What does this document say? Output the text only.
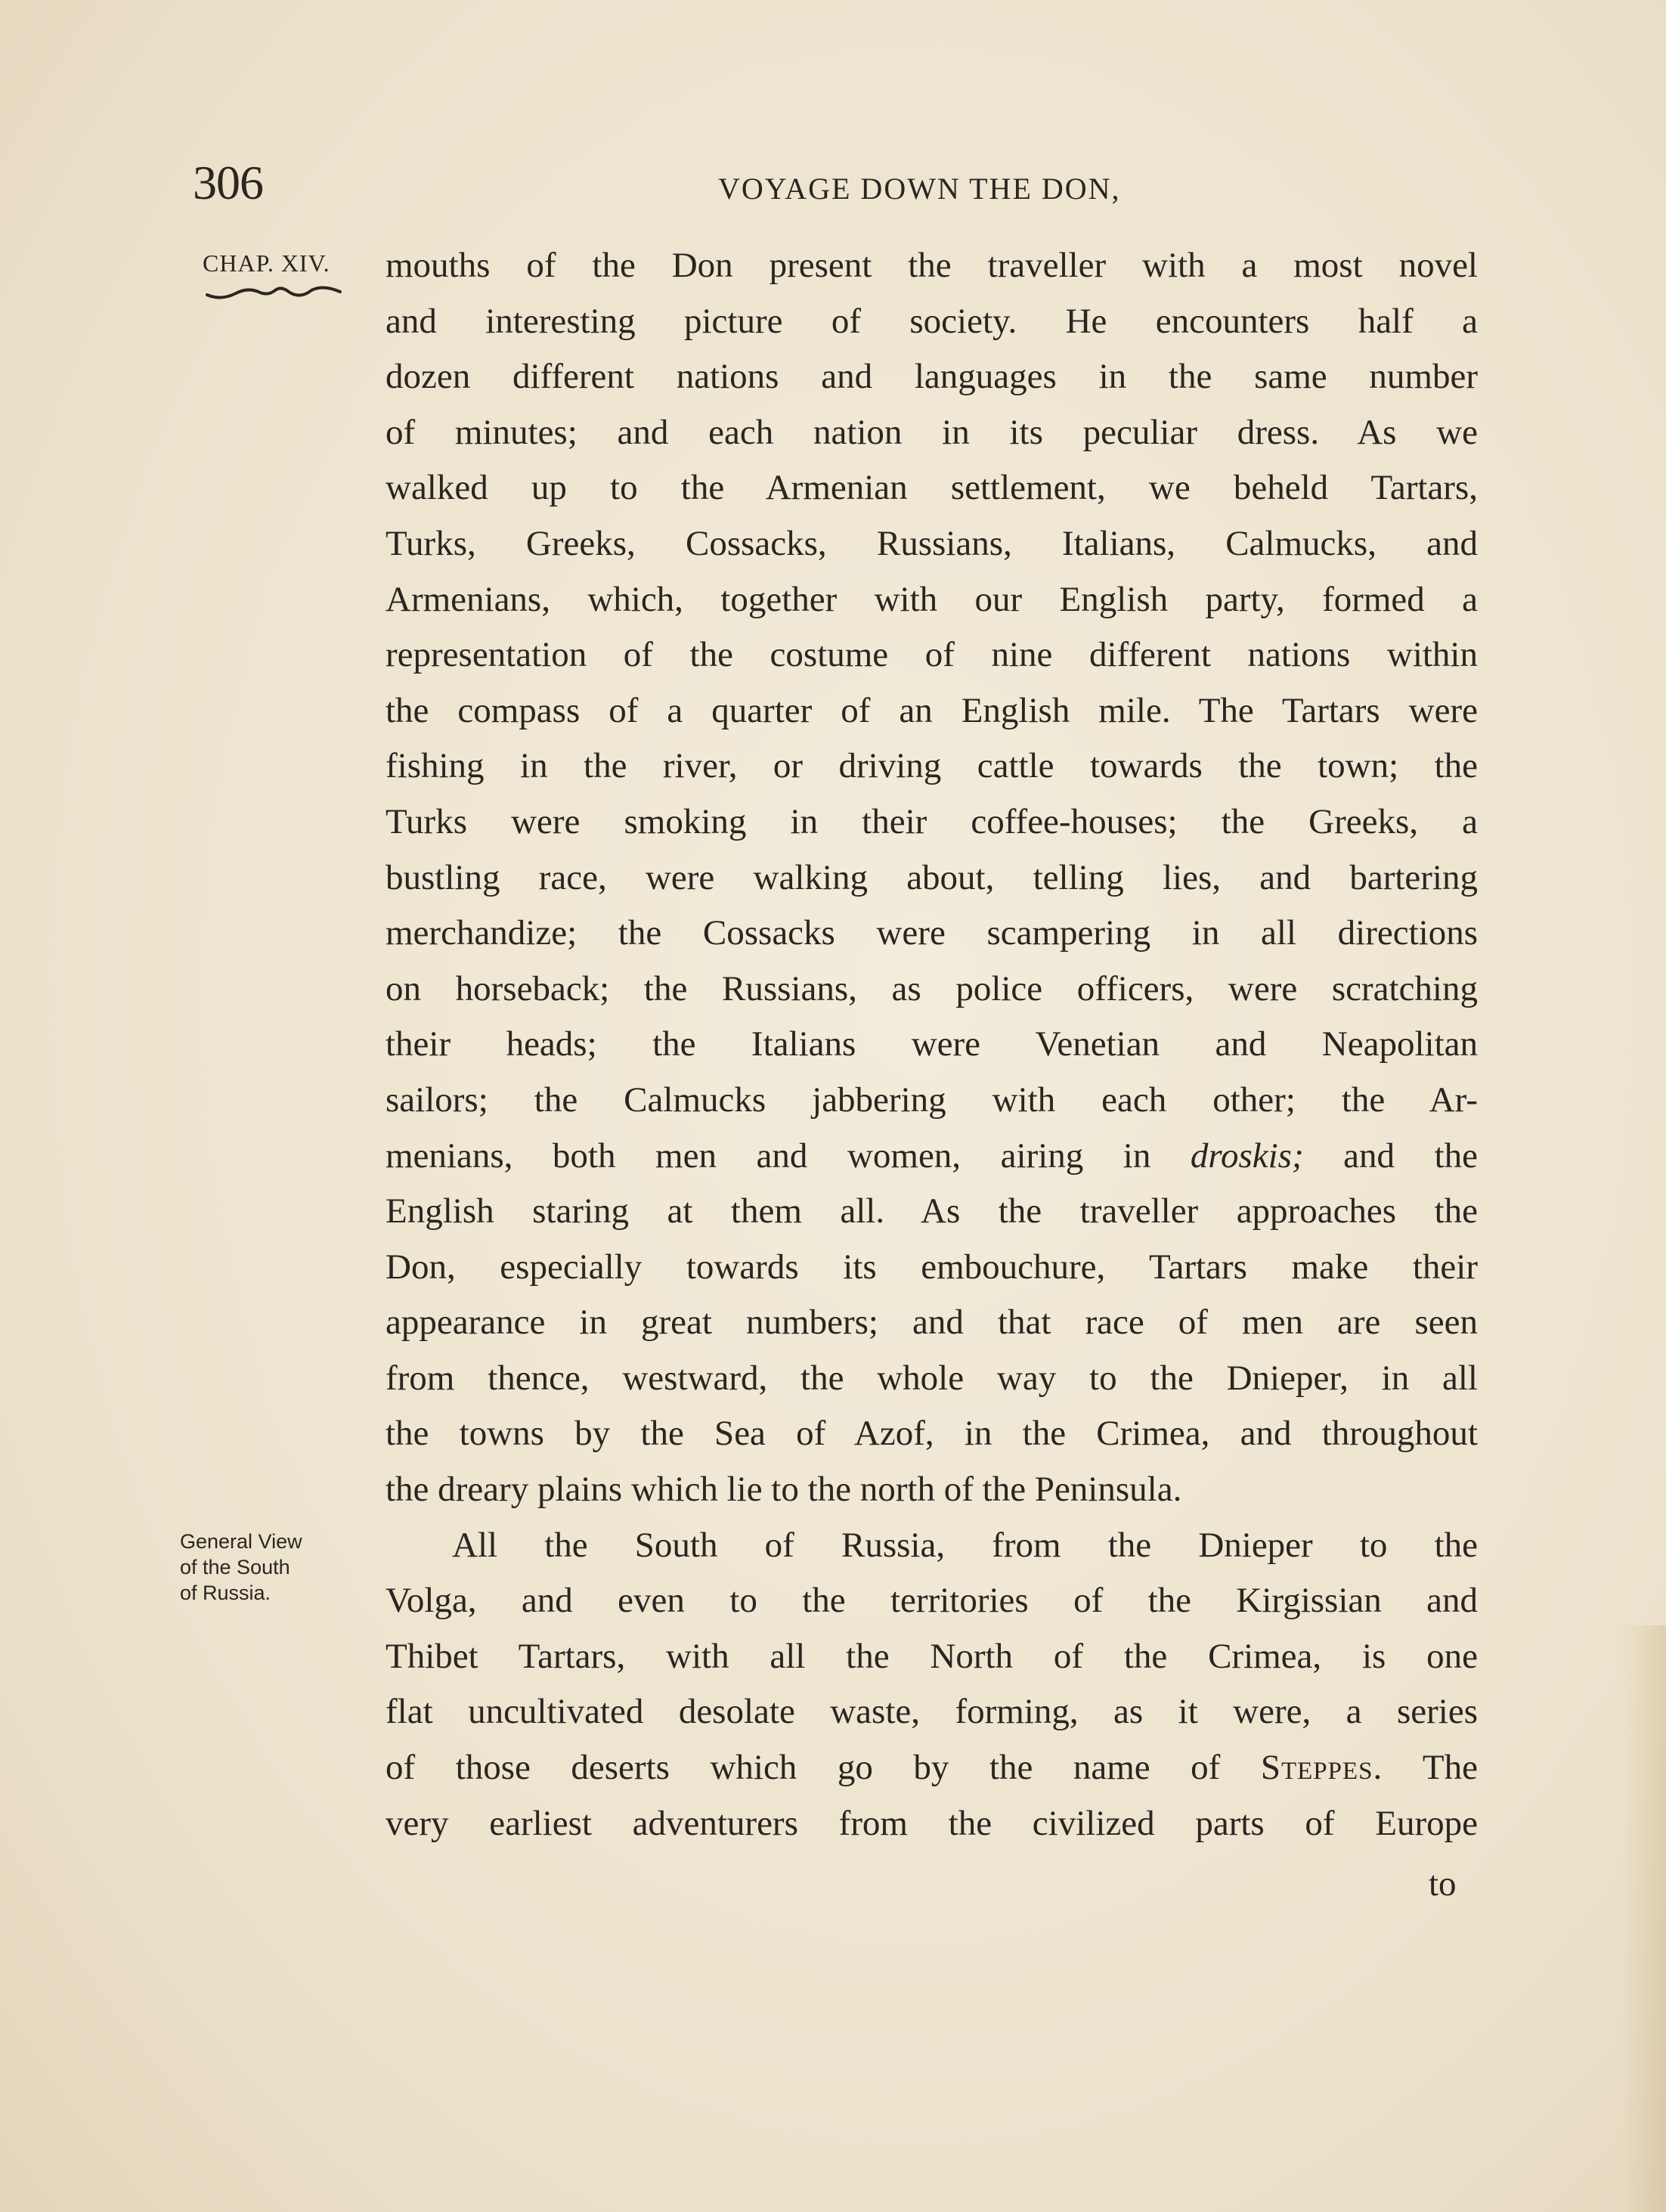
306	VOYAGE DOWN THE DON,
CHAP. XIV.
General View
of the South
of Russia.
mouths of the Don present the traveller with a most novel
and interesting picture of society. He encounters half a
dozen different nations and languages in the same number
of minutes; and each nation in its peculiar dress. As we
walked up to the Armenian settlement, we beheld Tartars,
Turks, Greeks, Cossacks, Russians, Italians, Calmucks, and
Armenians, which, together with our English party, formed a
representation of the costume of nine different nations within
the compass of a quarter of an English mile. The Tartars were
fishing in the river, or driving cattle towards the town; the
Turks were smoking in their coffee-houses; the Greeks, a
bustling race, were walking about, telling lies, and bartering
merchandize; the Cossacks were scampering in all directions
on horseback; the Russians, as police officers, were scratching
their heads; the Italians were Venetian and Neapolitan
sailors; the Calmucks jabbering with each other; the Ar-
menians, both men and women, airing in droskis; and the
English staring at them all. As the traveller approaches the
Don, especially towards its embouchure, Tartars make their
appearance in great numbers; and that race of men are seen
from thence, westward, the whole way to the Dnieper, in all
the towns by the Sea of Azof, in the Crimea, and throughout
the dreary plains which lie to the north of the Peninsula.
All the South of Russia, from the Dnieper to the
Volga, and even to the territories of the Kirgissian and
Thibet Tartars, with all the North of the Crimea, is one
flat uncultivated desolate waste, forming, as it were, a series
of those deserts which go by the name of Steppes. The
very earliest adventurers from the civilized parts of Europe
to
